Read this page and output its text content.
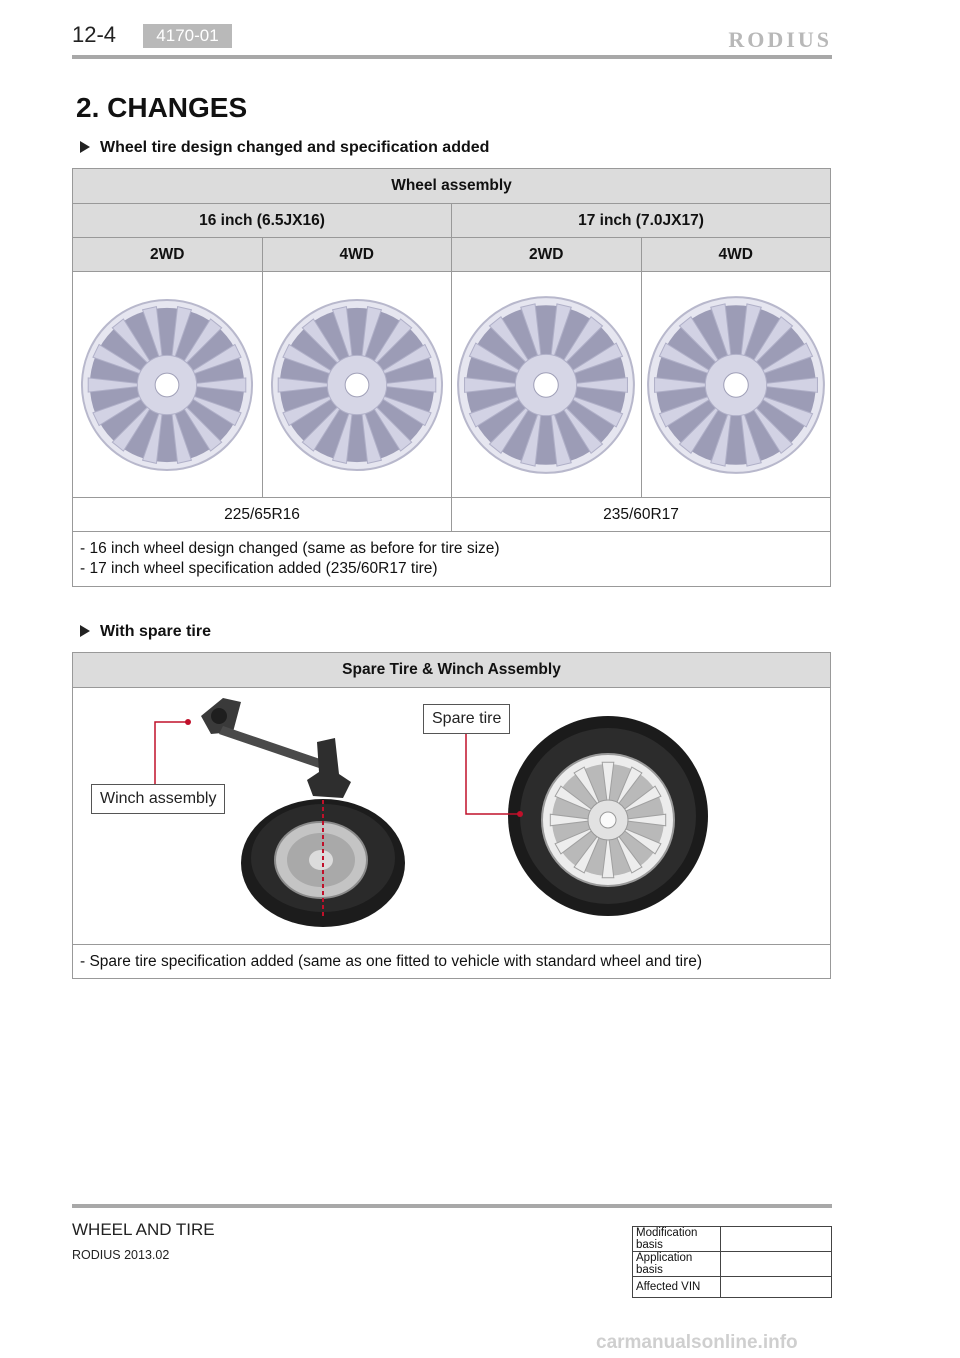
12-4	4170-01	RODIUS
2. CHANGES
Wheel tire design changed and specification added
Wheel assembly			
16 inch (6.5JX16)		17 inch (7.0JX17)	
2WD	4WD	2WD	4WD

225/65R16		235/60R17	

- 16 inch wheel design changed (same as before for tire size)
- 17 inch wheel specification added (235/60R17 tire)			
With spare tire
Spare Tire & Winch Assembly

Spare tire
Winch assembly

- Spare tire specification added (same as one fitted to vehicle with standard wheel and tire)
WHEEL AND TIRE
RODIUS 2013.02
Modification basis	
Application basis	
Affected VIN	
carmanualsonline.info
